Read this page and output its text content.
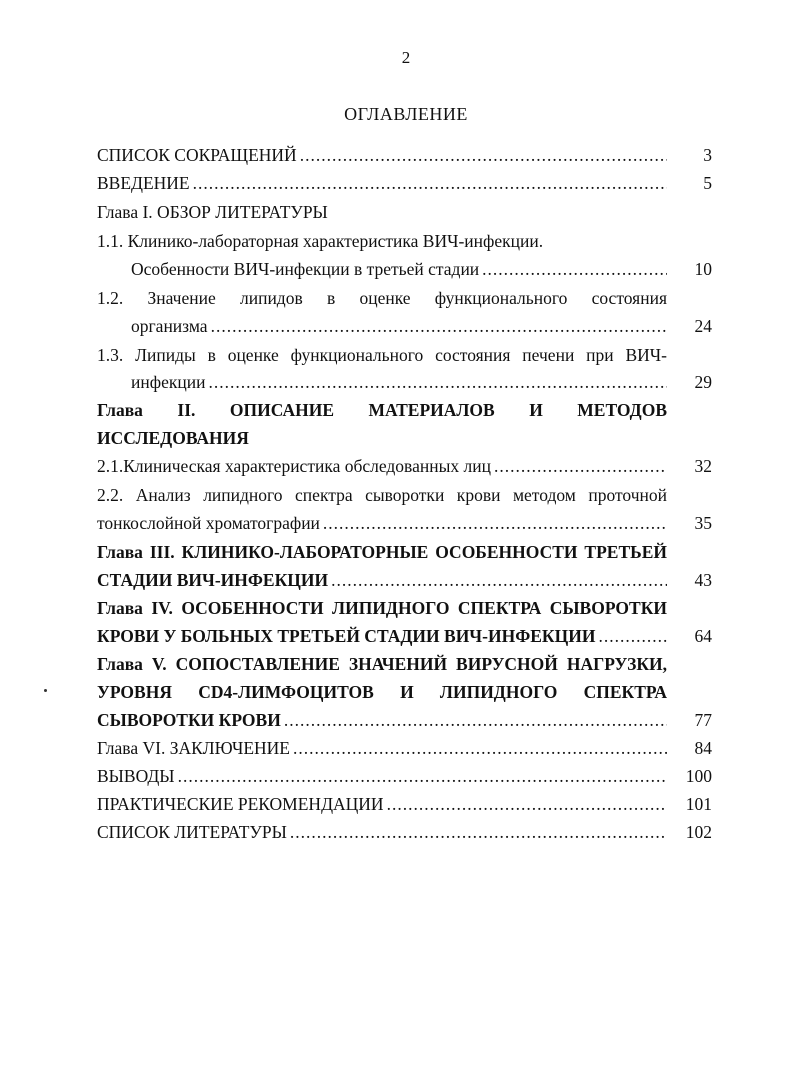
2
ОГЛАВЛЕНИЕ
СПИСОК СОКРАЩЕНИЙ .....	3
ВВЕДЕНИЕ .....	5
Глава I. ОБЗОР ЛИТЕРАТУРЫ
1.1. Клинико-лабораторная характеристика ВИЧ-инфекции.
Особенности ВИЧ-инфекции в третьей стадии .....	10
1.2. Значение липидов в оценке функционального состояния
организма .....	24
1.3. Липиды в оценке функционального состояния печени при ВИЧ-
инфекции .....	29
Глава II. ОПИСАНИЕ МАТЕРИАЛОВ И МЕТОДОВ
ИССЛЕДОВАНИЯ
2.1.Клиническая характеристика обследованных лиц .....	32
2.2. Анализ липидного спектра сыворотки крови методом проточной
тонкослойной хроматографии .....	35
Глава III. КЛИНИКО-ЛАБОРАТОРНЫЕ ОСОБЕННОСТИ ТРЕТЬЕЙ
СТАДИИ ВИЧ-ИНФЕКЦИИ .....	43
Глава IV. ОСОБЕННОСТИ ЛИПИДНОГО СПЕКТРА СЫВОРОТКИ
КРОВИ У БОЛЬНЫХ ТРЕТЬЕЙ СТАДИИ ВИЧ-ИНФЕКЦИИ .....	64
Глава V. СОПОСТАВЛЕНИЕ ЗНАЧЕНИЙ ВИРУСНОЙ НАГРУЗКИ,
УРОВНЯ CD4-ЛИМФОЦИТОВ И ЛИПИДНОГО СПЕКТРА
СЫВОРОТКИ КРОВИ .....	77
Глава VI. ЗАКЛЮЧЕНИЕ .....	84
ВЫВОДЫ .....	100
ПРАКТИЧЕСКИЕ РЕКОМЕНДАЦИИ .....	101
СПИСОК ЛИТЕРАТУРЫ .....	102
